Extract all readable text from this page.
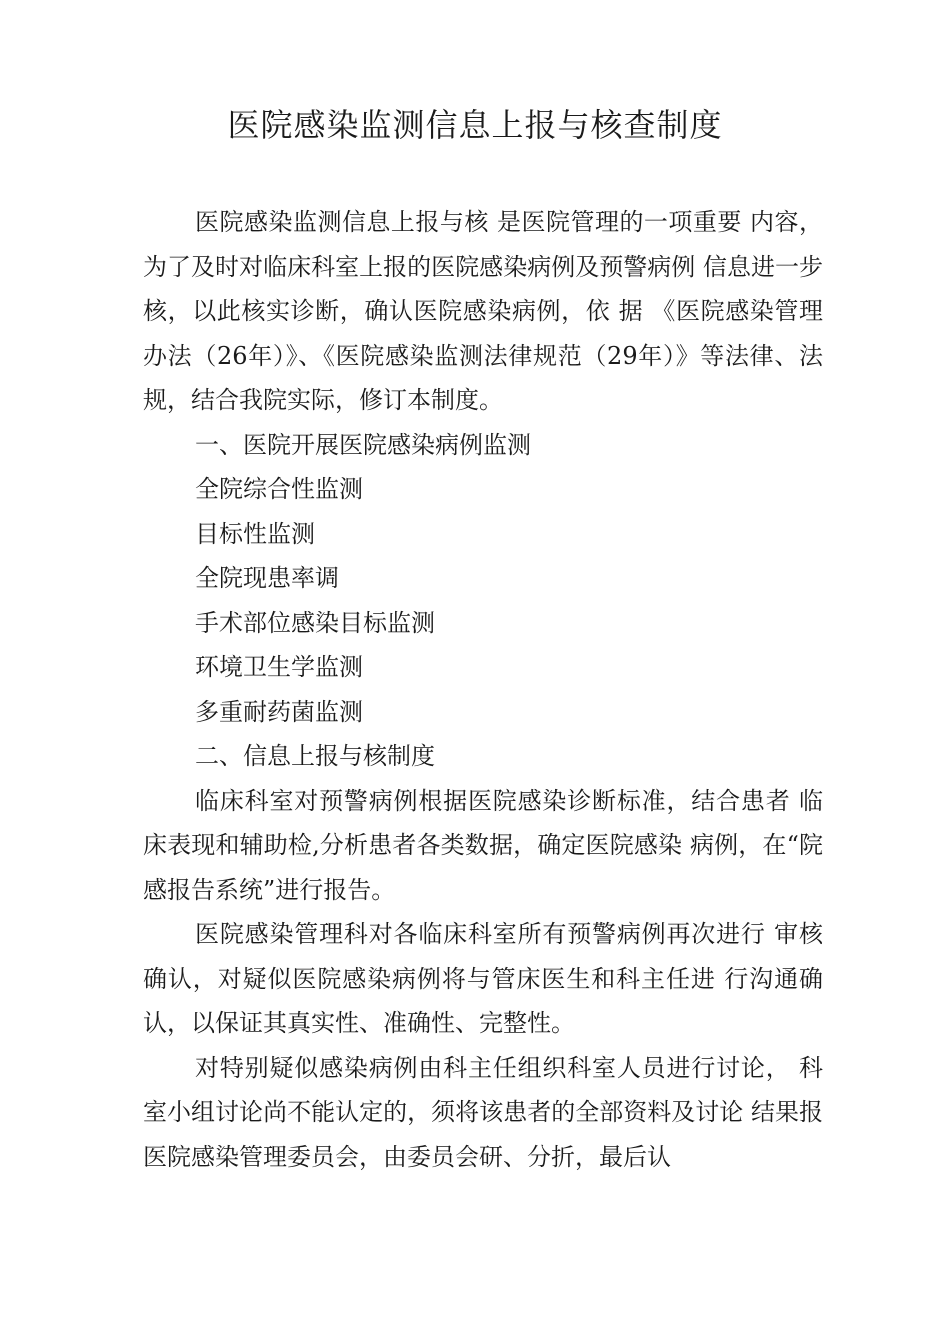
医院感染监测信息上报与核查制度

医院感染监测信息上报与核 是医院管理的一项重要 内容，为了及时对临床科室上报的医院感染病例及预警病例 信息进一步核，以此核实诊断，确认医院感染病例，依 据 《医院感染管理办法（26年）》、《医院感染监测法律规范（29年）》等法律、法规，结合我院实际，修订本制度。

一、医院开展医院感染病例监测

全院综合性监测

目标性监测

全院现患率调

手术部位感染目标监测

环境卫生学监测

多重耐药菌监测

二、信息上报与核制度

临床科室对预警病例根据医院感染诊断标准，结合患者 临床表现和辅助检,分析患者各类数据，确定医院感染 病例，在“院感报告系统”进行报告。

医院感染管理科对各临床科室所有预警病例再次进行 审核确认，对疑似医院感染病例将与管床医生和科主任进 行沟通确认，以保证其真实性、准确性、完整性。

对特别疑似感染病例由科主任组织科室人员进行讨论， 科室小组讨论尚不能认定的，须将该患者的全部资料及讨论 结果报医院感染管理委员会，由委员会研、分折，最后认
